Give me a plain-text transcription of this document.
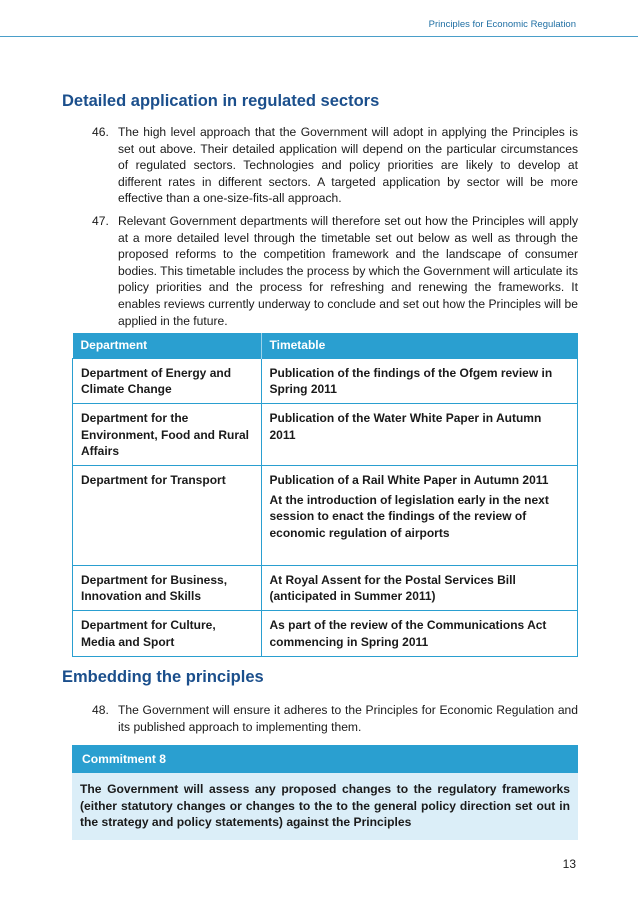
Principles for Economic Regulation
Detailed application in regulated sectors
46. The high level approach that the Government will adopt in applying the Principles is set out above. Their detailed application will depend on the particular circumstances of regulated sectors. Technologies and policy priorities are likely to develop at different rates in different sectors. A targeted application by sector will be more effective than a one-size-fits-all approach.
47. Relevant Government departments will therefore set out how the Principles will apply at a more detailed level through the timetable set out below as well as through the proposed reforms to the competition framework and the landscape of consumer bodies. This timetable includes the process by which the Government will articulate its policy priorities and the process for refreshing and renewing the frameworks. It enables reviews currently underway to conclude and set out how the Principles will be applied in the future.
Department	Timetable
Department of Energy and Climate Change	Publication of the findings of the Ofgem review in Spring 2011

Department for the Environment, Food and Rural Affairs	Publication of the Water White Paper in Autumn 2011

Department for Transport	Publication of a Rail White Paper in Autumn 2011
At the introduction of legislation early in the next session to enact the findings of the review of economic regulation of airports

Department for Business, Innovation and Skills	At Royal Assent for the Postal Services Bill (anticipated in Summer 2011)

Department for Culture, Media and Sport	As part of the review of the Communications Act commencing in Spring 2011
Embedding the principles
48. The Government will ensure it adheres to the Principles for Economic Regulation and its published approach to implementing them.
Commitment 8
The Government will assess any proposed changes to the regulatory frameworks (either statutory changes or changes to the to the general policy direction set out in the strategy and policy statements) against the Principles
13
